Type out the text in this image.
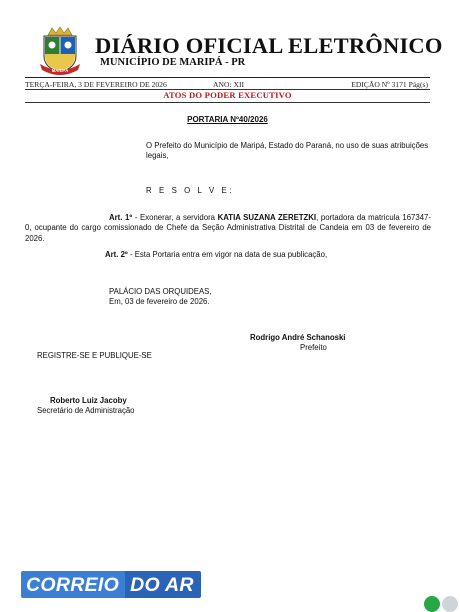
MARIPÁ
DIÁRIO OFICIAL ELETRÔNICO
MUNICÍPIO DE MARIPÁ - PR
TERÇA-FEIRA, 3 DE FEVEREIRO DE 2026	ANO: XII	EDIÇÃO Nº 3171 Pág(s)
ATOS DO PODER EXECUTIVO
PORTARIA Nº40/2026
O Prefeito do Município de Maripá, Estado do Paraná, no uso de suas atribuições legais,
R E S O L V E:
Art. 1º - Exonerar, a servidora KATIA SUZANA ZERETZKI, portadora da matricula 167347-0, ocupante do cargo comissionado de Chefe da Seção Administrativa Distrital de Candeia em 03 de fevereiro de 2026.
Art. 2º - Esta Portaria entra em vigor na data de sua publicação,
PALÁCIO DAS ORQUIDEAS,
Em, 03 de fevereiro de 2026.
Rodrigo André Schanoski
Prefeito
REGISTRE-SE E PUBLIQUE-SE
Roberto Luiz Jacoby
Secretário de Administração
CORREIO DO AR
